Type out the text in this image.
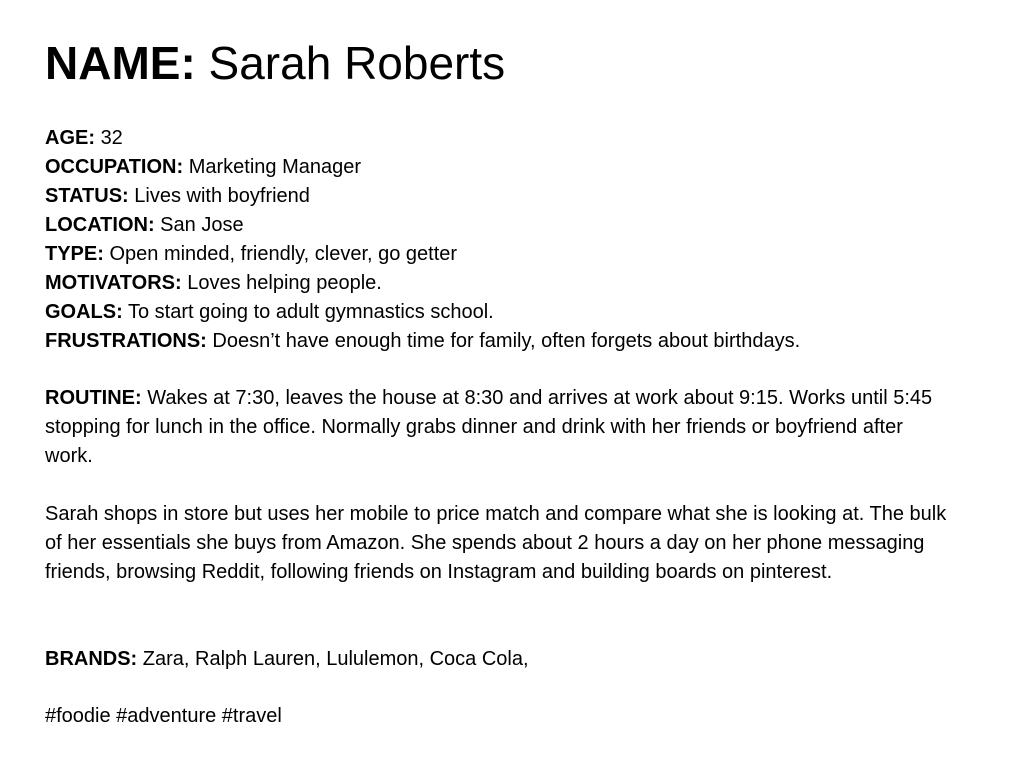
NAME: Sarah Roberts
AGE: 32
OCCUPATION: Marketing Manager
STATUS: Lives with boyfriend
LOCATION: San Jose
TYPE: Open minded, friendly, clever, go getter
MOTIVATORS: Loves helping people.
GOALS: To start going to adult gymnastics school.
FRUSTRATIONS: Doesn’t have enough time for family, often forgets about birthdays.

ROUTINE: Wakes at 7:30, leaves the house at 8:30 and arrives at work about 9:15. Works until 5:45 stopping for lunch in the office. Normally grabs dinner and drink with her friends or boyfriend after work.

Sarah shops in store but uses her mobile to price match and compare what she is looking at. The bulk of her essentials she buys from Amazon. She spends about 2 hours a day on her phone messaging friends, browsing Reddit, following friends on Instagram and building boards on pinterest.

BRANDS: Zara, Ralph Lauren, Lululemon, Coca Cola,
#foodie #adventure #travel
